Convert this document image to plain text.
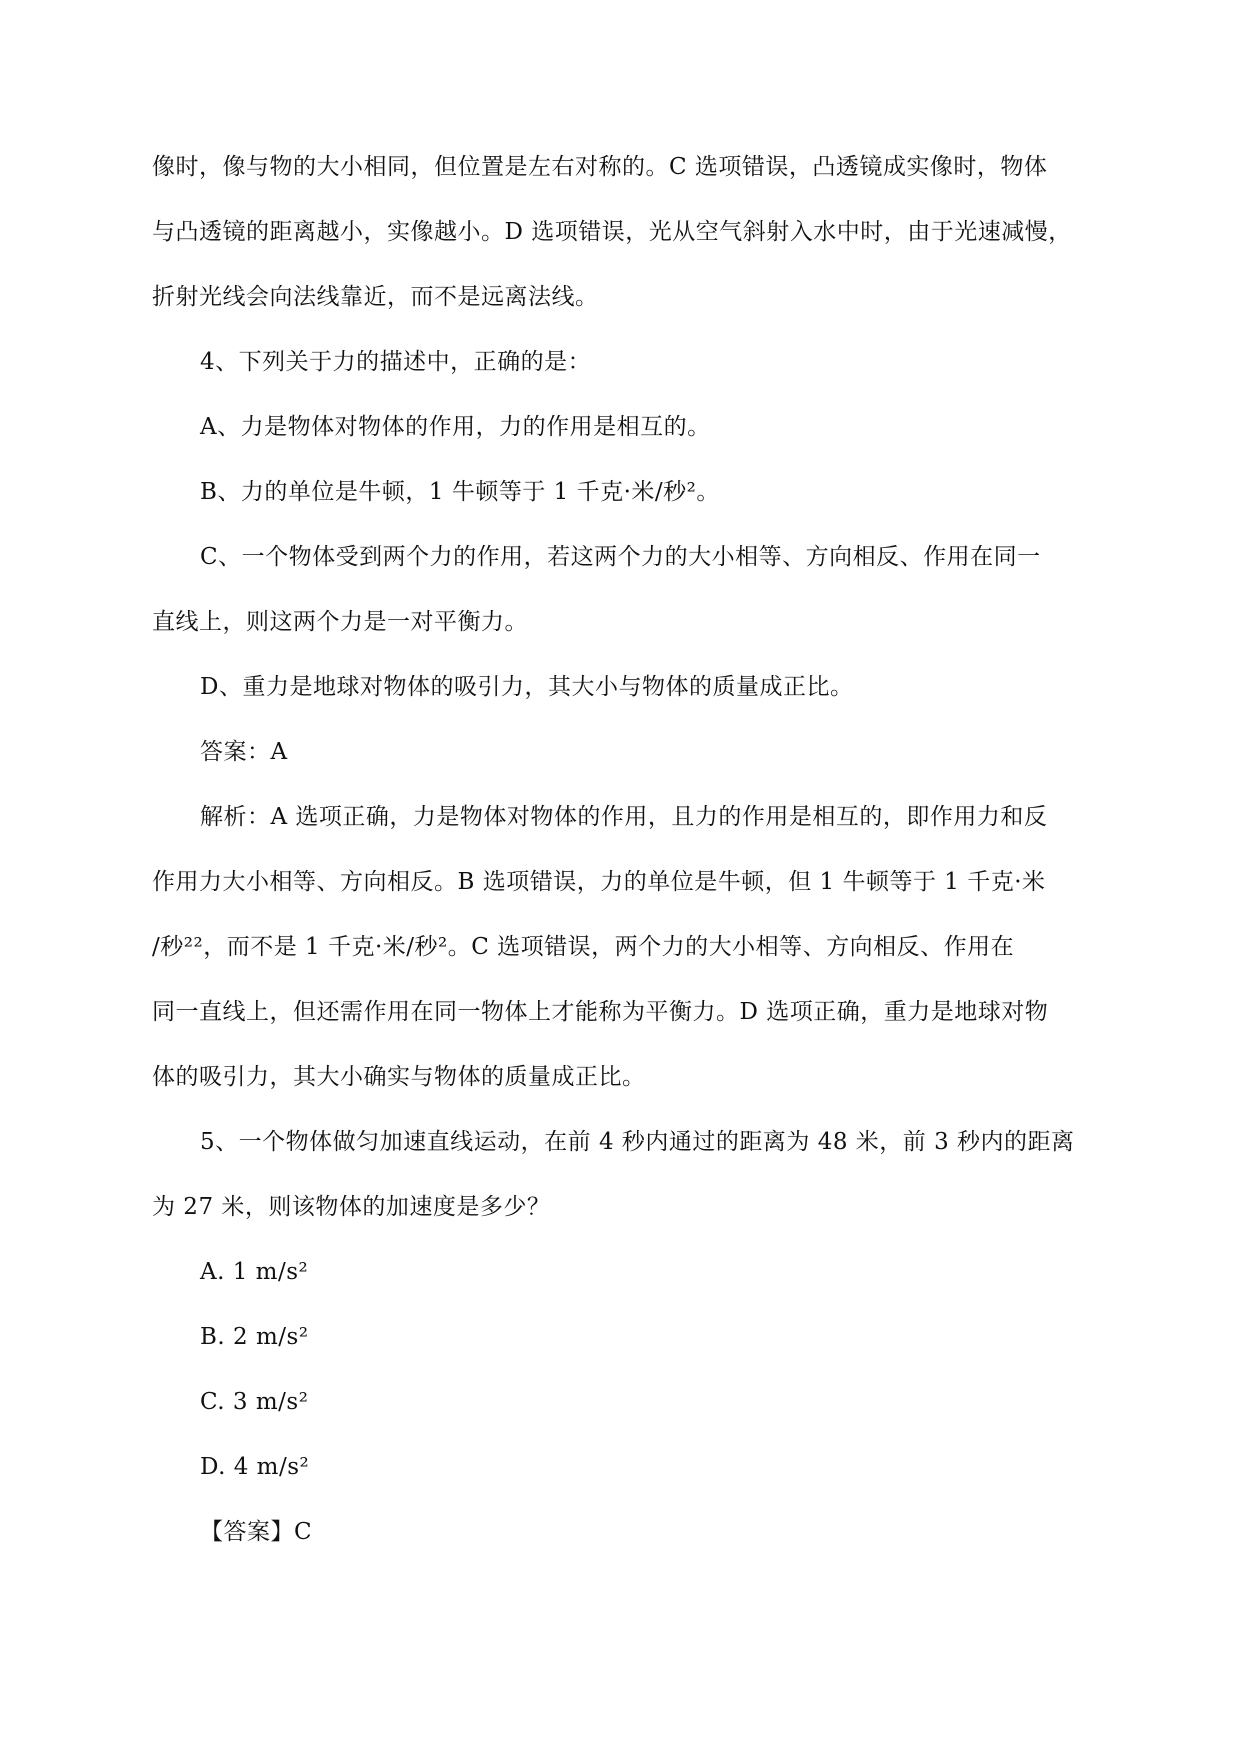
像时，像与物的大小相同，但位置是左右对称的。C 选项错误，凸透镜成实像时，物体

与凸透镜的距离越小，实像越小。D 选项错误，光从空气斜射入水中时，由于光速减慢，

折射光线会向法线靠近，而不是远离法线。

4、下列关于力的描述中，正确的是：

A、力是物体对物体的作用，力的作用是相互的。

B、力的单位是牛顿，1 牛顿等于 1 千克·米/秒²。

C、一个物体受到两个力的作用，若这两个力的大小相等、方向相反、作用在同一

直线上，则这两个力是一对平衡力。

D、重力是地球对物体的吸引力，其大小与物体的质量成正比。

答案：A

解析：A 选项正确，力是物体对物体的作用，且力的作用是相互的，即作用力和反

作用力大小相等、方向相反。B 选项错误，力的单位是牛顿，但 1 牛顿等于 1 千克·米

/秒²²，而不是 1 千克·米/秒²。C 选项错误，两个力的大小相等、方向相反、作用在

同一直线上，但还需作用在同一物体上才能称为平衡力。D 选项正确，重力是地球对物

体的吸引力，其大小确实与物体的质量成正比。

5、一个物体做匀加速直线运动，在前 4 秒内通过的距离为 48 米，前 3 秒内的距离

为 27 米，则该物体的加速度是多少？

A. 1 m/s²

B. 2 m/s²

C. 3 m/s²

D. 4 m/s²

【答案】C
